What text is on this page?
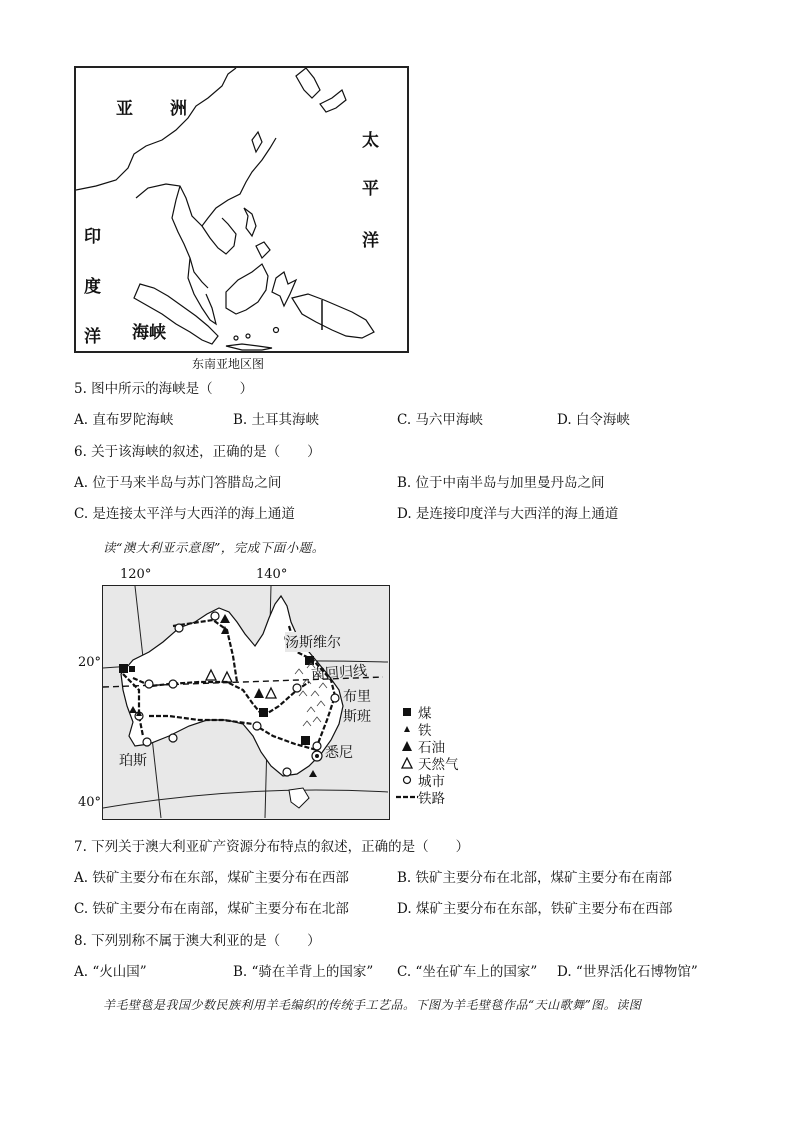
亚 洲
太
平
洋
印
度
洋 海峡
东南亚地区图
5. 图中所示的海峡是（　　）
A. 直布罗陀海峡	B. 土耳其海峡	C. 马六甲海峡	D. 白令海峡
6. 关于该海峡的叙述，正确的是（　　）
A. 位于马来半岛与苏门答腊岛之间	B. 位于中南半岛与加里曼丹岛之间
C. 是连接太平洋与大西洋的海上通道	D. 是连接印度洋与大西洋的海上通道
读“澳大利亚示意图”，完成下面小题。
120°	140°
20°
40°
汤斯维尔
南回归线
布里
斯班
悉尼
珀斯
煤
铁
石油
天然气
城市
铁路
7. 下列关于澳大利亚矿产资源分布特点的叙述，正确的是（　　）
A. 铁矿主要分布在东部，煤矿主要分布在西部	B. 铁矿主要分布在北部，煤矿主要分布在南部
C. 铁矿主要分布在南部，煤矿主要分布在北部	D. 煤矿主要分布在东部，铁矿主要分布在西部
8. 下列别称不属于澳大利亚的是（　　）
A. “火山国”	B. “骑在羊背上的国家” C. “坐在矿车上的国家” D. “世界活化石博物馆”
羊毛壁毯是我国少数民族利用羊毛编织的传统手工艺品。下图为羊毛壁毯作品“天山歌舞”图。读图
